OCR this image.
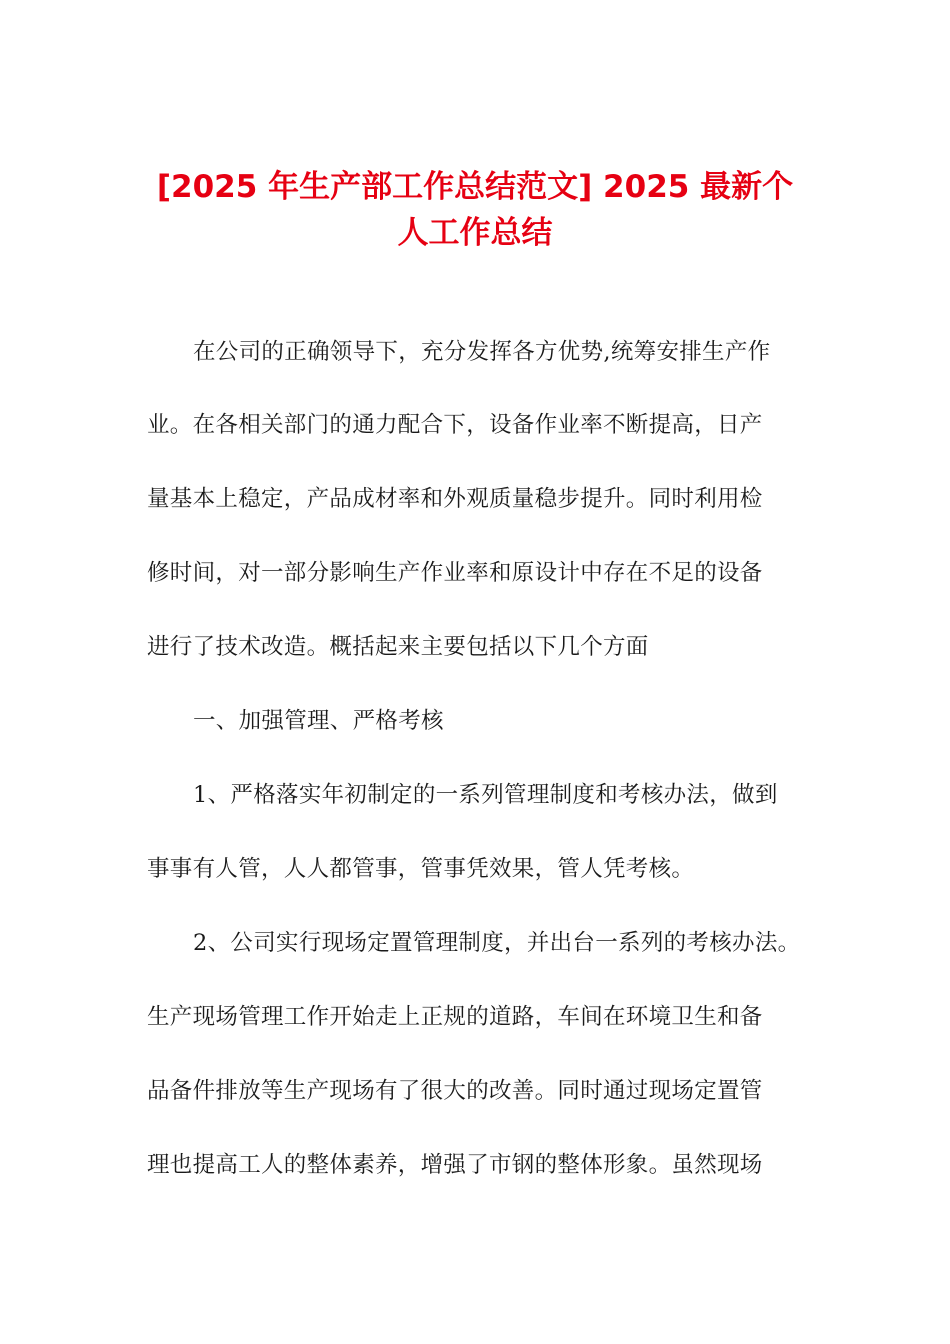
[2025 年生产部工作总结范文] 2025 最新个
人工作总结

在公司的正确领导下，充分发挥各方优势,统筹安排生产作

业。在各相关部门的通力配合下，设备作业率不断提高，日产

量基本上稳定，产品成材率和外观质量稳步提升。同时利用检

修时间，对一部分影响生产作业率和原设计中存在不足的设备

进行了技术改造。概括起来主要包括以下几个方面

一、加强管理、严格考核

1、严格落实年初制定的一系列管理制度和考核办法，做到

事事有人管，人人都管事，管事凭效果，管人凭考核。

2、公司实行现场定置管理制度，并出台一系列的考核办法。

生产现场管理工作开始走上正规的道路，车间在环境卫生和备

品备件排放等生产现场有了很大的改善。同时通过现场定置管

理也提高工人的整体素养，增强了市钢的整体形象。虽然现场
